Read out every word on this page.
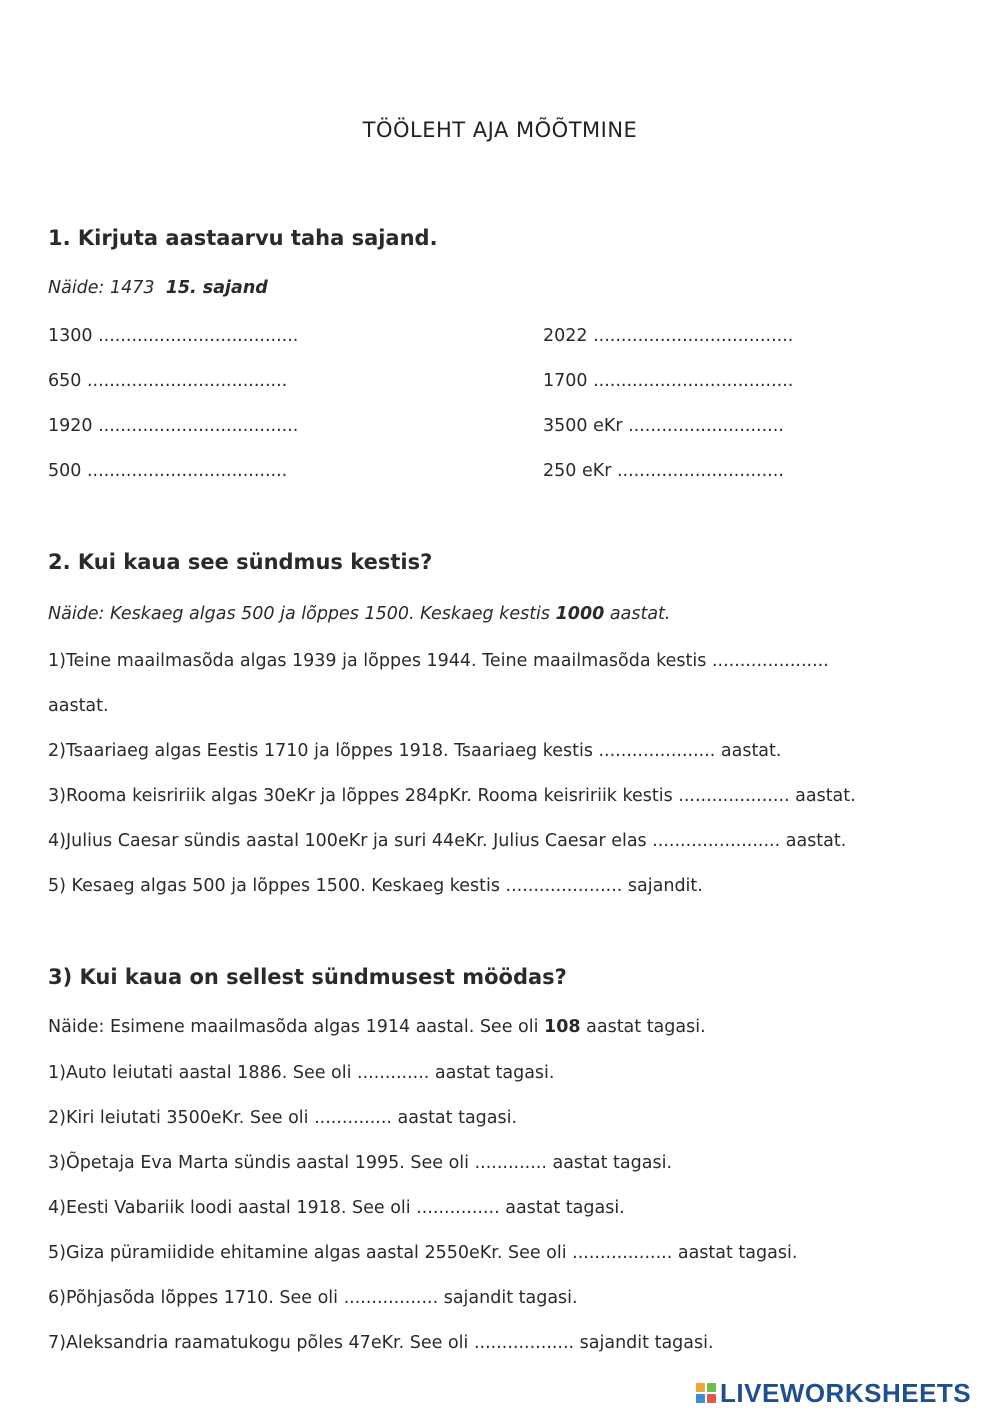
TÖÖLEHT AJA MÕÕTMINE
1. Kirjuta aastaarvu taha sajand.
Näide: 1473 15. sajand
1300 ....................................
650 ....................................
1920 ....................................
500 ....................................
2022 ....................................
1700 ....................................
3500 eKr ............................
250 eKr ..............................
2. Kui kaua see sündmus kestis?
Näide: Keskaeg algas 500 ja lõppes 1500. Keskaeg kestis 1000 aastat.
1)Teine maailmasõda algas 1939 ja lõppes 1944. Teine maailmasõda kestis .....................
aastat.
2)Tsaariaeg algas Eestis 1710 ja lõppes 1918. Tsaariaeg kestis ..................... aastat.
3)Rooma keisririik algas 30eKr ja lõppes 284pKr. Rooma keisririik kestis .................... aastat.
4)Julius Caesar sündis aastal 100eKr ja suri 44eKr. Julius Caesar elas ....................... aastat.
5) Kesaeg algas 500 ja lõppes 1500. Keskaeg kestis ..................... sajandit.
3) Kui kaua on sellest sündmusest möödas?
Näide: Esimene maailmasõda algas 1914 aastal. See oli 108 aastat tagasi.
1)Auto leiutati aastal 1886. See oli ............. aastat tagasi.
2)Kiri leiutati 3500eKr. See oli .............. aastat tagasi.
3)Õpetaja Eva Marta sündis aastal 1995. See oli ............. aastat tagasi.
4)Eesti Vabariik loodi aastal 1918. See oli ............... aastat tagasi.
5)Giza püramiidide ehitamine algas aastal 2550eKr. See oli .................. aastat tagasi.
6)Põhjasõda lõppes 1710. See oli ................. sajandit tagasi.
7)Aleksandria raamatukogu põles 47eKr. See oli .................. sajandit tagasi.
LIVEWORKSHEETS
